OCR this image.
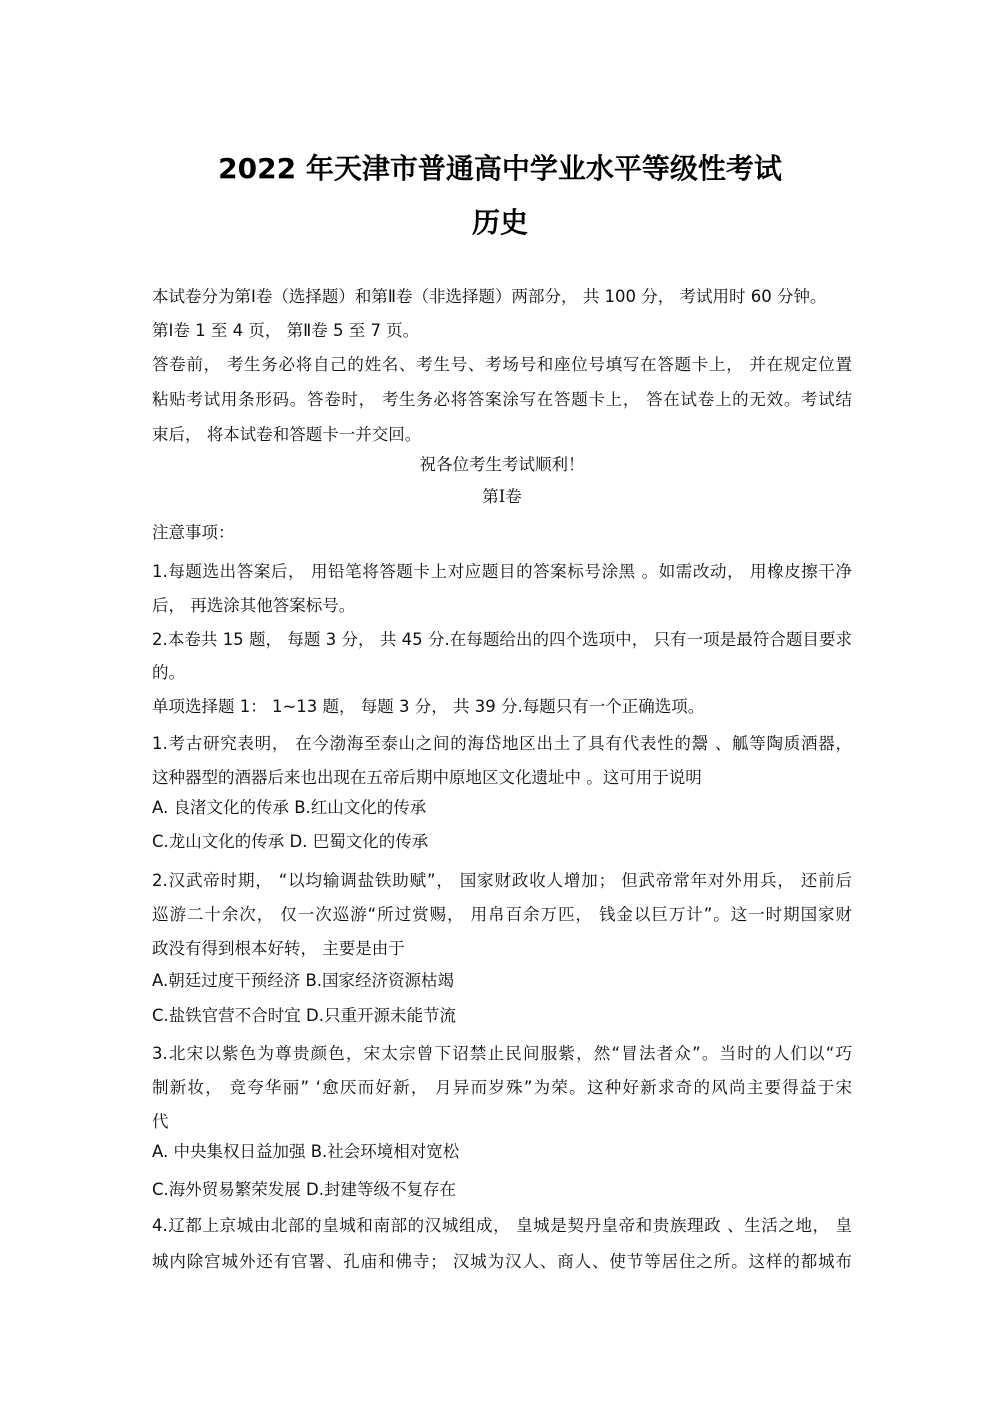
2022 年天津市普通高中学业水平等级性考试
历史

本试卷分为第Ⅰ卷（选择题）和第Ⅱ卷（非选择题）两部分， 共 100 分， 考试用时 60 分钟。

第Ⅰ卷 1 至 4 页， 第Ⅱ卷 5 至 7 页。

答卷前， 考生务必将自己的姓名、考生号、考场号和座位号填写在答题卡上， 并在规定位置

粘贴考试用条形码。答卷时， 考生务必将答案涂写在答题卡上， 答在试卷上的无效。考试结

束后， 将本试卷和答题卡一并交回。

祝各位考生考试顺利！

第Ⅰ卷

注意事项：

1.每题选出答案后， 用铅笔将答题卡上对应题目的答案标号涂黑 。如需改动， 用橡皮擦干净

后， 再选涂其他答案标号。

2.本卷共 15 题， 每题 3 分， 共 45 分.在每题给出的四个选项中， 只有一项是最符合题目要求

的。

单项选择题 1： 1~13 题， 每题 3 分， 共 39 分.每题只有一个正确选项。

1.考古研究表明， 在今渤海至泰山之间的海岱地区出土了具有代表性的鬶 、觚等陶质酒器，

这种器型的酒器后来也出现在五帝后期中原地区文化遗址中 。这可用于说明

A. 良渚文化的传承 B.红山文化的传承

C.龙山文化的传承 D. 巴蜀文化的传承

2.汉武帝时期， “以均输调盐铁助赋”， 国家财政收人增加； 但武帝常年对外用兵， 还前后

巡游二十余次， 仅一次巡游“所过赏赐， 用帛百余万匹， 钱金以巨万计”。这一时期国家财

政没有得到根本好转， 主要是由于

A.朝廷过度干预经济 B.国家经济资源枯竭

C.盐铁官营不合时宜 D.只重开源未能节流

3.北宋以紫色为尊贵颜色，宋太宗曾下诏禁止民间服紫，然“冒法者众”。当时的人们以“巧

制新妆， 竞夸华丽” ‘愈厌而好新， 月异而岁殊”为荣。这种好新求奇的风尚主要得益于宋

代

A. 中央集权日益加强 B.社会环境相对宽松

C.海外贸易繁荣发展 D.封建等级不复存在

4.辽都上京城由北部的皇城和南部的汉城组成， 皇城是契丹皇帝和贵族理政 、生活之地， 皇

城内除宫城外还有官署、孔庙和佛寺； 汉城为汉人、商人、使节等居住之所。这样的都城布
